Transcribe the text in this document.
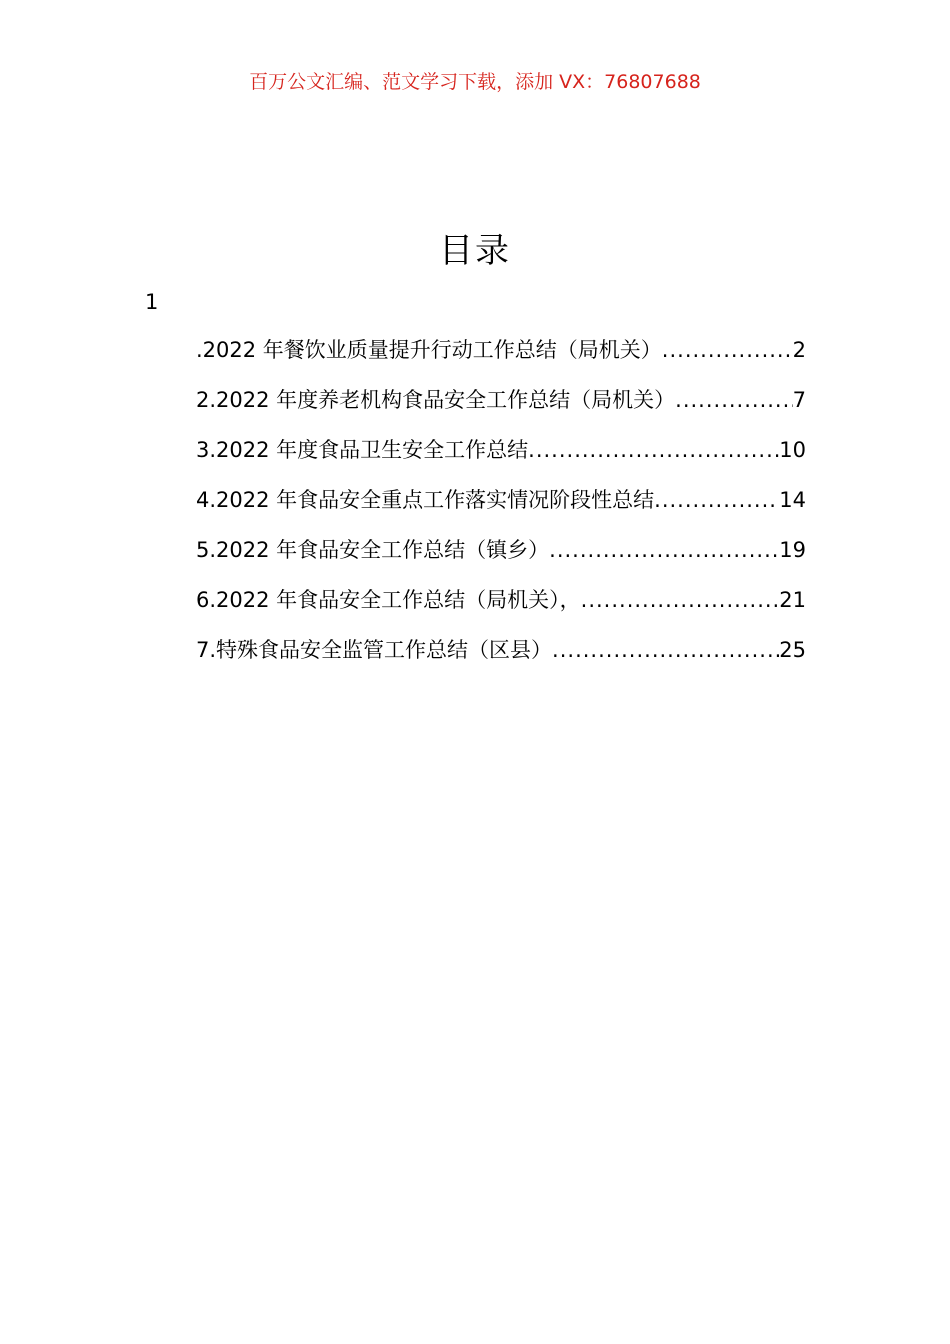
百万公文汇编、范文学习下载，添加 VX：76807688
目录
1
.2022 年餐饮业质量提升行动工作总结（局机关） .....	2
2.2022 年度养老机构食品安全工作总结（局机关） .....	7
3.2022 年度食品卫生安全工作总结 .....	10
4.2022 年食品安全重点工作落实情况阶段性总结 .....	14
5.2022 年食品安全工作总结（镇乡） .....	19
6.2022 年食品安全工作总结（局机关）， .....	21
7.特殊食品安全监管工作总结（区县） .....	25
